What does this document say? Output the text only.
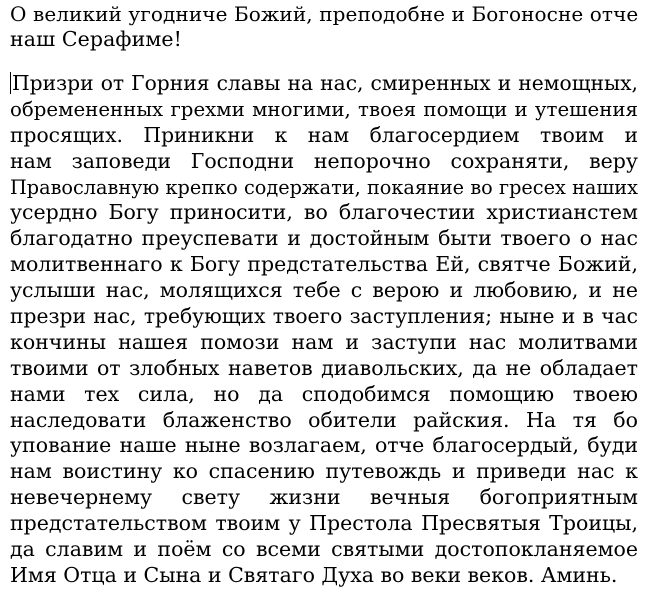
О великий угодниче Божий, преподобне и Богоносне отче
наш Серафиме!

Призри от Горния славы на нас, смиренных и немощных,
обремененных грехми многими, твоея помощи и утешения
просящих. Приникни к нам благосердием твоим и
нам заповеди Господни непорочно сохраняти, веру
Православную крепко содержати, покаяние во гресех наших
усердно Богу приносити, во благочестии христианстем
благодатно преуспевати и достойным быти твоего о нас
молитвеннаго к Богу предстательства Ей, святче Божий,
услыши нас, молящихся тебе с верою и любовию, и не
презри нас, требующих твоего заступления; ныне и в час
кончины нашея помози нам и заступи нас молитвами
твоими от злобных наветов диавольских, да не обладает
нами тех сила, но да сподобимся помощию твоею
наследовати блаженство обители райския. На тя бо
упование наше ныне возлагаем, отче благосердый, буди
нам воистину ко спасению путевождь и приведи нас к
невечернему свету жизни вечныя богоприятным
предстательством твоим у Престола Пресвятыя Троицы,
да славим и поём со всеми святыми достопокланяемое
Имя Отца и Сына и Святаго Духа во веки веков. Аминь.
